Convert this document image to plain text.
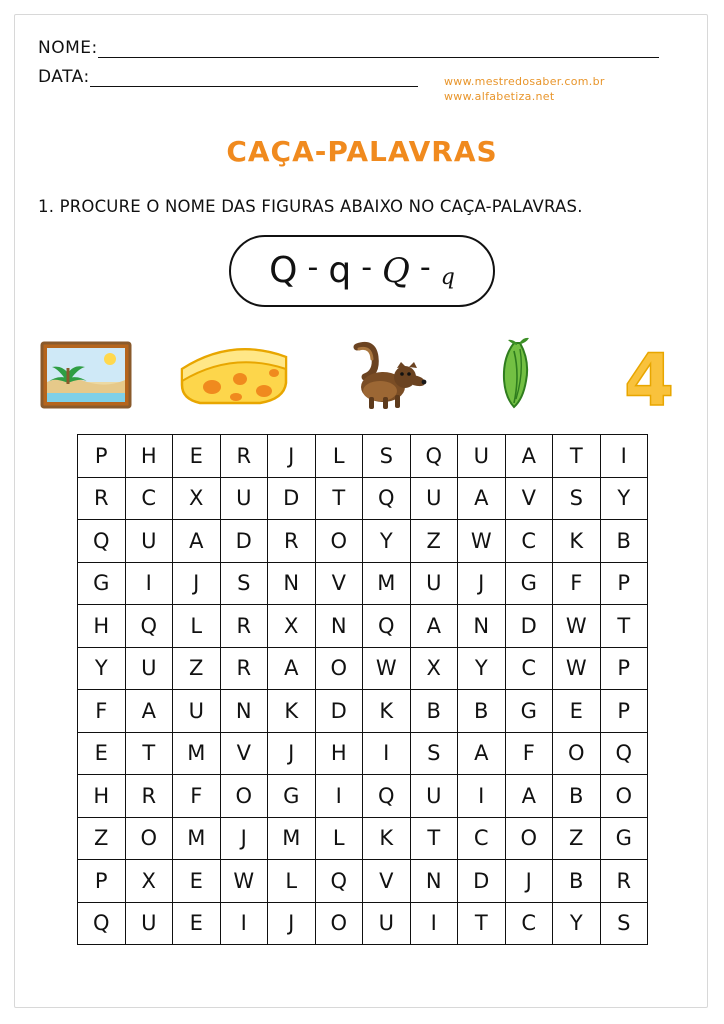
NOME:
DATA:	www.mestredosaber.com.br
www.alfabetiza.net
CAÇA-PALAVRAS
1. PROCURE O NOME DAS FIGURAS ABAIXO NO CAÇA-PALAVRAS.
Q - q - Q - q
4
P	H	E	R	J	L	S	Q	U	A	T	I
R	C	X	U	D	T	Q	U	A	V	S	Y
Q	U	A	D	R	O	Y	Z	W	C	K	B
G	I	J	S	N	V	M	U	J	G	F	P
H	Q	L	R	X	N	Q	A	N	D	W	T
Y	U	Z	R	A	O	W	X	Y	C	W	P
F	A	U	N	K	D	K	B	B	G	E	P
E	T	M	V	J	H	I	S	A	F	O	Q
H	R	F	O	G	I	Q	U	I	A	B	O
Z	O	M	J	M	L	K	T	C	O	Z	G
P	X	E	W	L	Q	V	N	D	J	B	R
Q	U	E	I	J	O	U	I	T	C	Y	S
